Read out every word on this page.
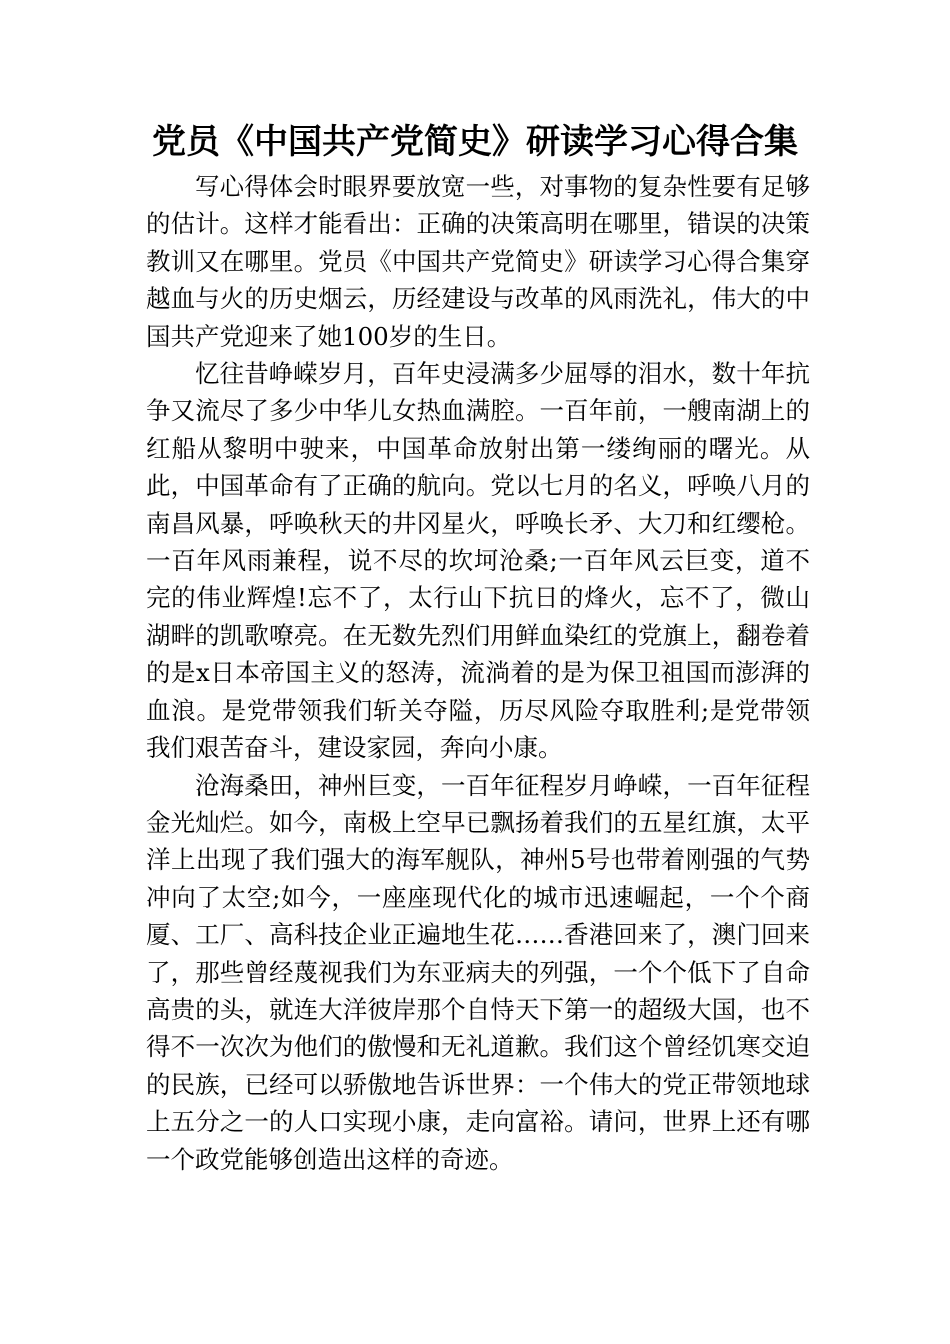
党员《中国共产党简史》研读学习心得合集

写心得体会时眼界要放宽一些，对事物的复杂性要有足够的估计。这样才能看出：正确的决策高明在哪里，错误的决策教训又在哪里。党员《中国共产党简史》研读学习心得合集穿越血与火的历史烟云，历经建设与改革的风雨洗礼，伟大的中国共产党迎来了她100岁的生日。

忆往昔峥嵘岁月，百年史浸满多少屈辱的泪水，数十年抗争又流尽了多少中华儿女热血满腔。一百年前，一艘南湖上的红船从黎明中驶来，中国革命放射出第一缕绚丽的曙光。从此，中国革命有了正确的航向。党以七月的名义，呼唤八月的南昌风暴，呼唤秋天的井冈星火，呼唤长矛、大刀和红缨枪。一百年风雨兼程，说不尽的坎坷沧桑;一百年风云巨变，道不完的伟业辉煌!忘不了，太行山下抗日的烽火，忘不了，微山湖畔的凯歌嘹亮。在无数先烈们用鲜血染红的党旗上，翻卷着的是x日本帝国主义的怒涛，流淌着的是为保卫祖国而澎湃的血浪。是党带领我们斩关夺隘，历尽风险夺取胜利;是党带领我们艰苦奋斗，建设家园，奔向小康。

沧海桑田，神州巨变，一百年征程岁月峥嵘，一百年征程金光灿烂。如今，南极上空早已飘扬着我们的五星红旗，太平洋上出现了我们强大的海军舰队，神州5号也带着刚强的气势冲向了太空;如今，一座座现代化的城市迅速崛起，一个个商厦、工厂、高科技企业正遍地生花……香港回来了，澳门回来了，那些曾经蔑视我们为东亚病夫的列强，一个个低下了自命高贵的头，就连大洋彼岸那个自恃天下第一的超级大国，也不得不一次次为他们的傲慢和无礼道歉。我们这个曾经饥寒交迫的民族，已经可以骄傲地告诉世界：一个伟大的党正带领地球上五分之一的人口实现小康，走向富裕。请问，世界上还有哪一个政党能够创造出这样的奇迹。
